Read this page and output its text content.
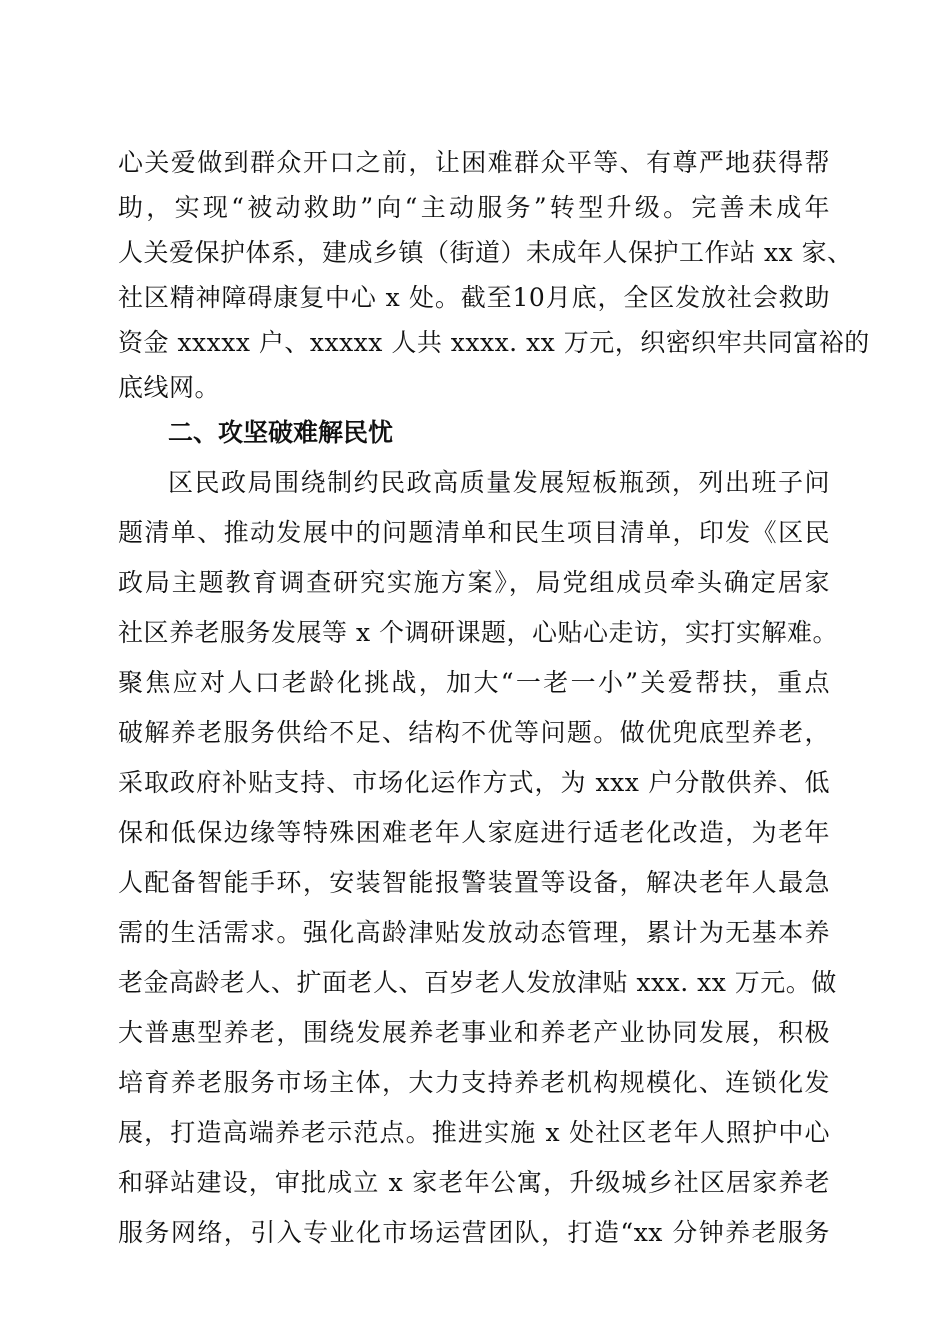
心关爱做到群众开口之前，让困难群众平等、有尊严地获得帮
助，实现“被动救助”向“主动服务”转型升级。完善未成年
人关爱保护体系，建成乡镇（街道）未成年人保护工作站 xx 家、
社区精神障碍康复中心 x 处。截至10月底，全区发放社会救助
资金 xxxxx 户、xxxxx 人共 xxxx. xx 万元，织密织牢共同富裕的
底线网。
二、攻坚破难解民忧
区民政局围绕制约民政高质量发展短板瓶颈，列出班子问
题清单、推动发展中的问题清单和民生项目清单，印发《区民
政局主题教育调查研究实施方案》，局党组成员牵头确定居家
社区养老服务发展等 x 个调研课题，心贴心走访，实打实解难。
聚焦应对人口老龄化挑战，加大“一老一小”关爱帮扶，重点
破解养老服务供给不足、结构不优等问题。做优兜底型养老，
采取政府补贴支持、市场化运作方式，为 xxx 户分散供养、低
保和低保边缘等特殊困难老年人家庭进行适老化改造，为老年
人配备智能手环，安装智能报警装置等设备，解决老年人最急
需的生活需求。强化高龄津贴发放动态管理，累计为无基本养
老金高龄老人、扩面老人、百岁老人发放津贴 xxx. xx 万元。做
大普惠型养老，围绕发展养老事业和养老产业协同发展，积极
培育养老服务市场主体，大力支持养老机构规模化、连锁化发
展，打造高端养老示范点。推进实施 x 处社区老年人照护中心
和驿站建设，审批成立 x 家老年公寓，升级城乡社区居家养老
服务网络，引入专业化市场运营团队，打造“xx 分钟养老服务
